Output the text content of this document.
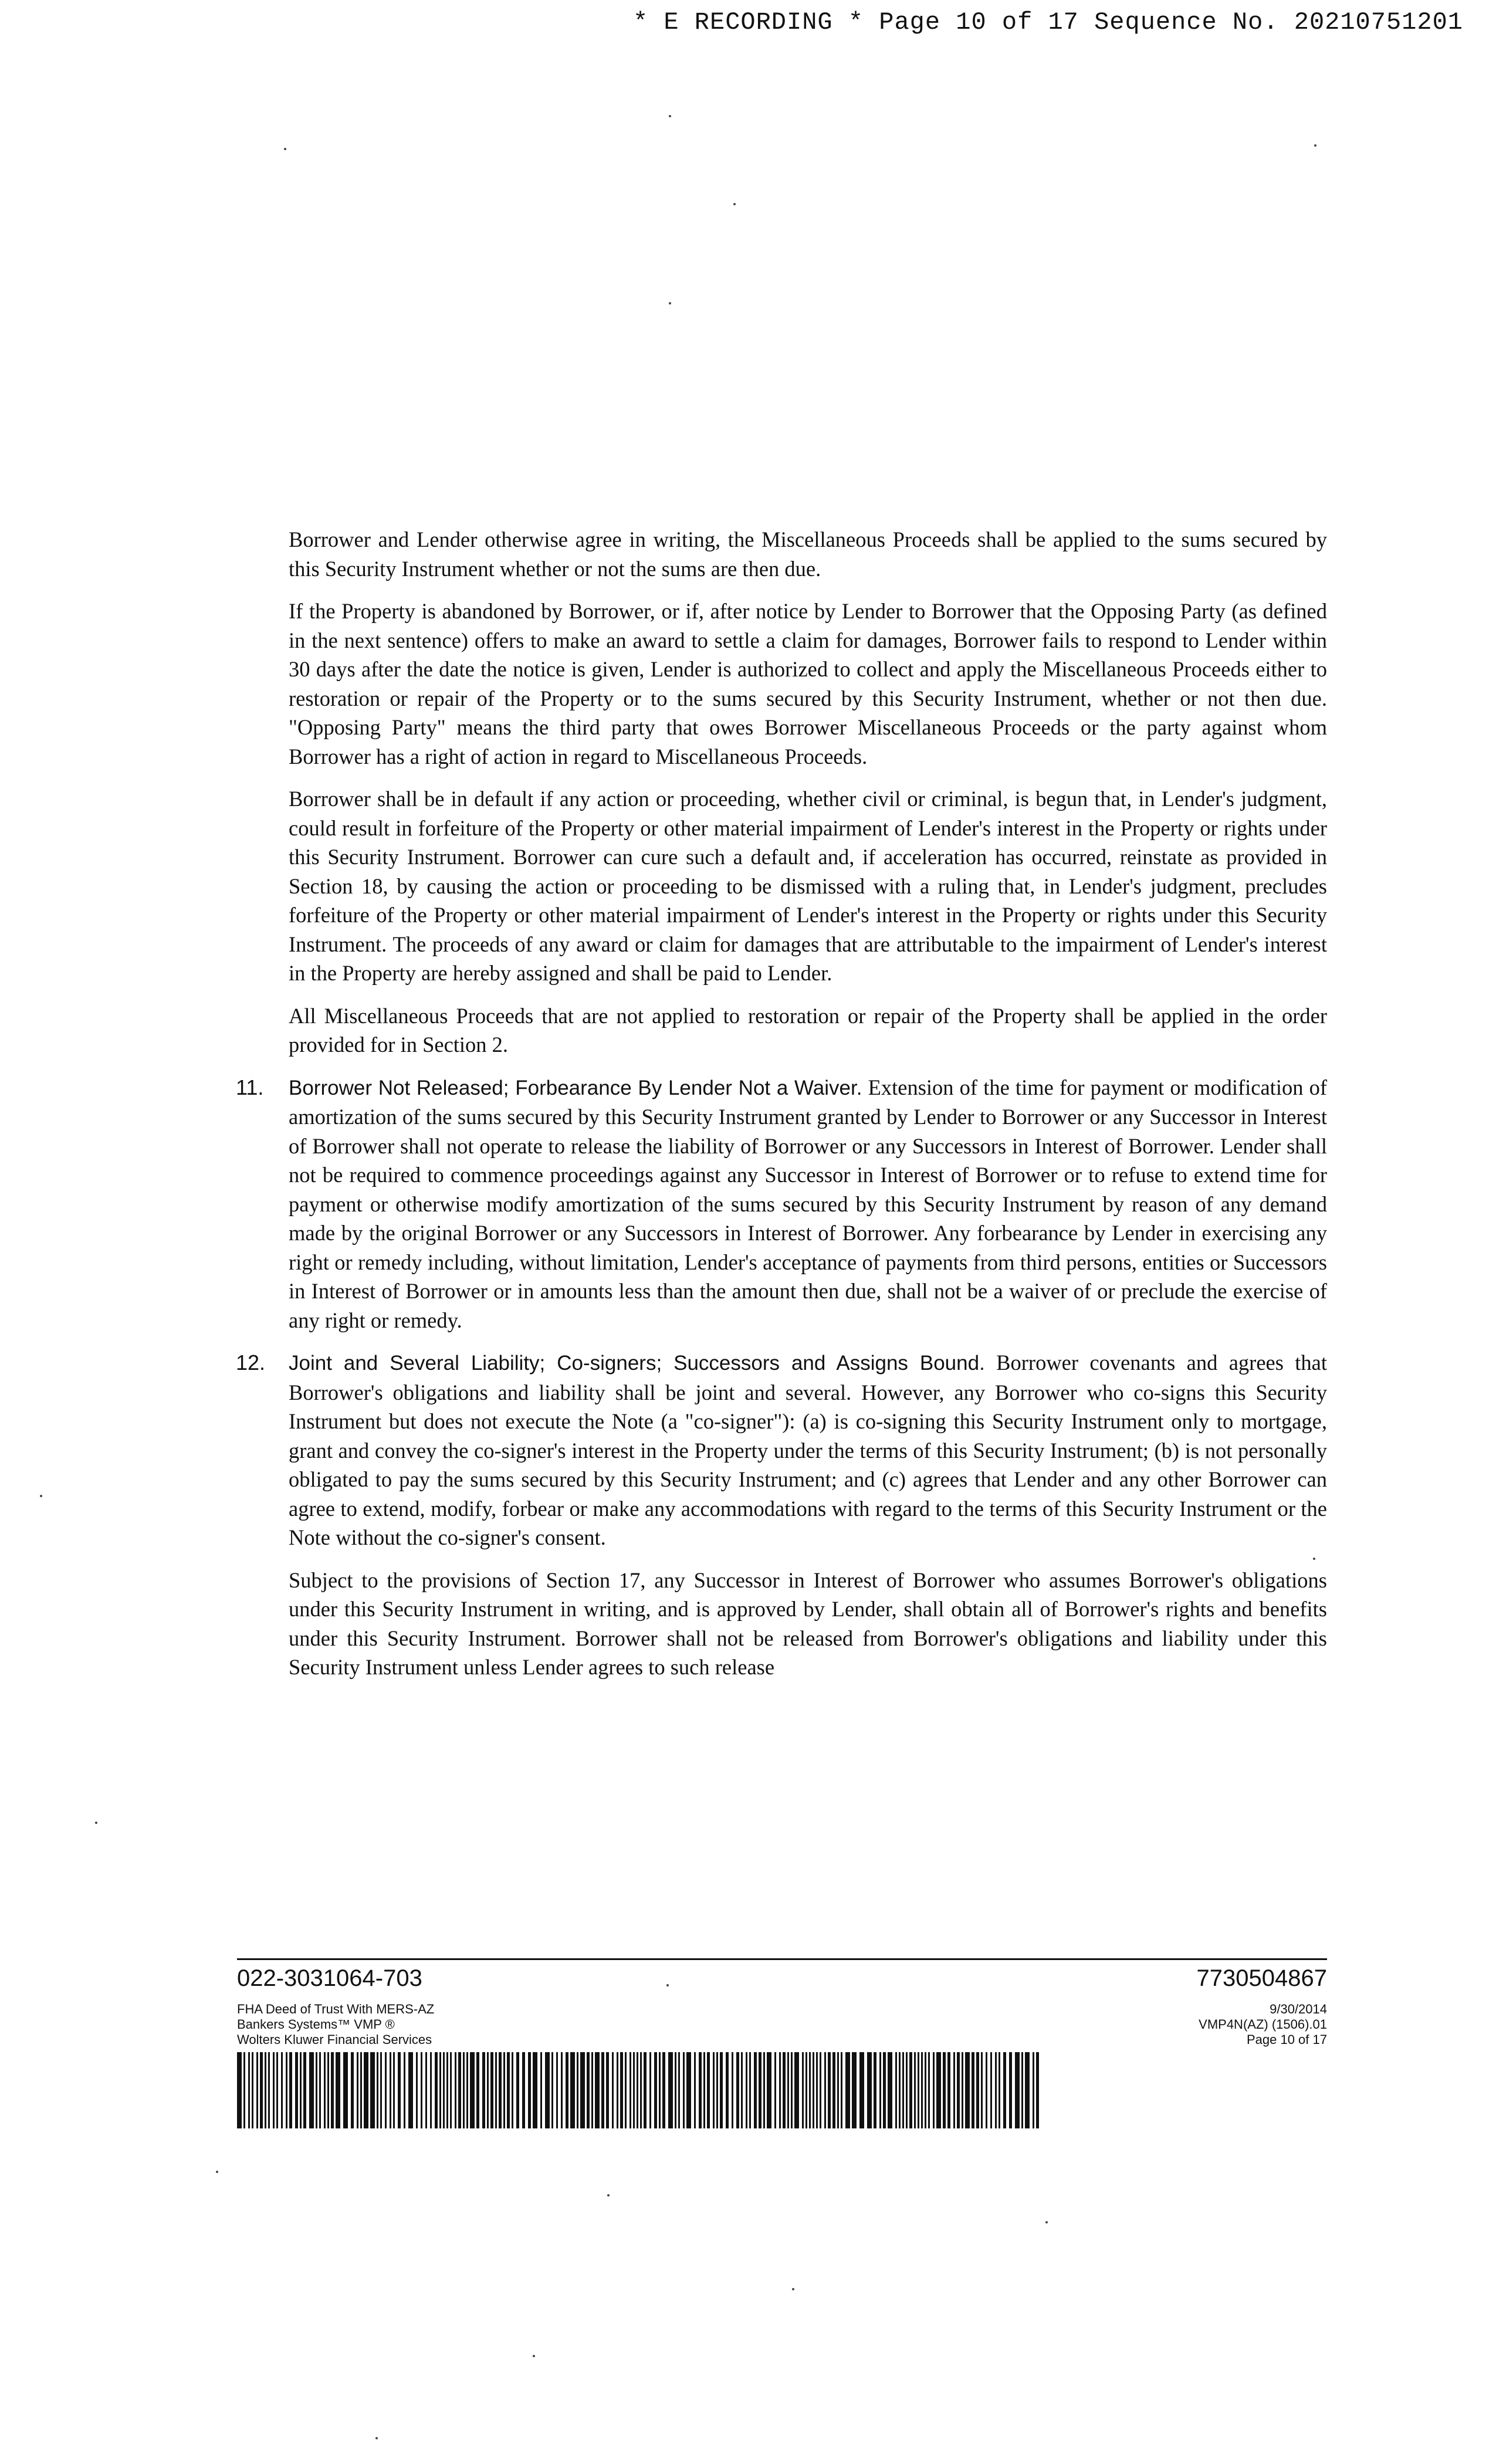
* E RECORDING * Page 10 of 17 Sequence No. 20210751201

Borrower and Lender otherwise agree in writing, the Miscellaneous Proceeds shall be applied to the sums secured by this Security Instrument whether or not the sums are then due.

If the Property is abandoned by Borrower, or if, after notice by Lender to Borrower that the Opposing Party (as defined in the next sentence) offers to make an award to settle a claim for damages, Borrower fails to respond to Lender within 30 days after the date the notice is given, Lender is authorized to collect and apply the Miscellaneous Proceeds either to restoration or repair of the Property or to the sums secured by this Security Instrument, whether or not then due. "Opposing Party" means the third party that owes Borrower Miscellaneous Proceeds or the party against whom Borrower has a right of action in regard to Miscellaneous Proceeds.

Borrower shall be in default if any action or proceeding, whether civil or criminal, is begun that, in Lender's judgment, could result in forfeiture of the Property or other material impairment of Lender's interest in the Property or rights under this Security Instrument. Borrower can cure such a default and, if acceleration has occurred, reinstate as provided in Section 18, by causing the action or proceeding to be dismissed with a ruling that, in Lender's judgment, precludes forfeiture of the Property or other material impairment of Lender's interest in the Property or rights under this Security Instrument. The proceeds of any award or claim for damages that are attributable to the impairment of Lender's interest in the Property are hereby assigned and shall be paid to Lender.

All Miscellaneous Proceeds that are not applied to restoration or repair of the Property shall be applied in the order provided for in Section 2.

11. Borrower Not Released; Forbearance By Lender Not a Waiver. Extension of the time for payment or modification of amortization of the sums secured by this Security Instrument granted by Lender to Borrower or any Successor in Interest of Borrower shall not operate to release the liability of Borrower or any Successors in Interest of Borrower. Lender shall not be required to commence proceedings against any Successor in Interest of Borrower or to refuse to extend time for payment or otherwise modify amortization of the sums secured by this Security Instrument by reason of any demand made by the original Borrower or any Successors in Interest of Borrower. Any forbearance by Lender in exercising any right or remedy including, without limitation, Lender's acceptance of payments from third persons, entities or Successors in Interest of Borrower or in amounts less than the amount then due, shall not be a waiver of or preclude the exercise of any right or remedy.

12. Joint and Several Liability; Co-signers; Successors and Assigns Bound. Borrower covenants and agrees that Borrower's obligations and liability shall be joint and several. However, any Borrower who co-signs this Security Instrument but does not execute the Note (a "co-signer"): (a) is co-signing this Security Instrument only to mortgage, grant and convey the co-signer's interest in the Property under the terms of this Security Instrument; (b) is not personally obligated to pay the sums secured by this Security Instrument; and (c) agrees that Lender and any other Borrower can agree to extend, modify, forbear or make any accommodations with regard to the terms of this Security Instrument or the Note without the co-signer's consent.

Subject to the provisions of Section 17, any Successor in Interest of Borrower who assumes Borrower's obligations under this Security Instrument in writing, and is approved by Lender, shall obtain all of Borrower's rights and benefits under this Security Instrument. Borrower shall not be released from Borrower's obligations and liability under this Security Instrument unless Lender agrees to such release

022-3031064-703	7730504867
FHA Deed of Trust With MERS-AZ
Bankers Systems™ VMP ®
Wolters Kluwer Financial Services
9/30/2014
VMP4N(AZ) (1506).01
Page 10 of 17
